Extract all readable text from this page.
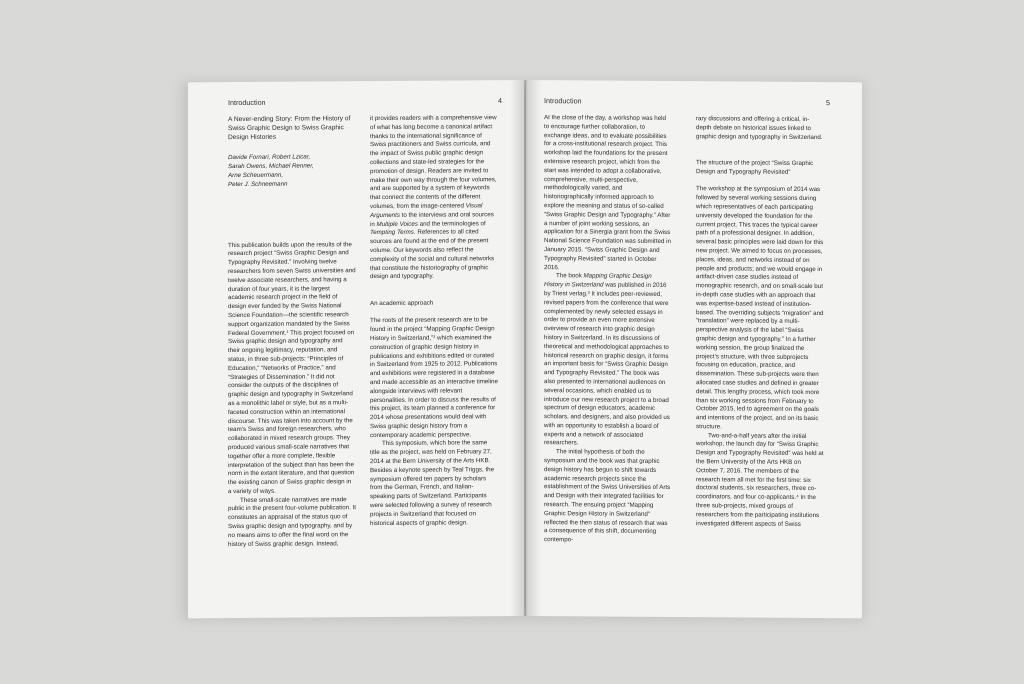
Introduction	4

A Never-ending Story: From the History of Swiss Graphic Design to Swiss Graphic Design Histories

Davide Fornari, Robert Lzicar,

Sarah Owens, Michael Renner,

Arne Scheuermann,

Peter J. Schneemann

This publication builds upon the results of the research project “Swiss Graphic Design and Typography Revisited.” Involving twelve researchers from seven Swiss universities and twelve associate researchers, and having a duration of four years, it is the largest academic research project in the field of design ever funded by the Swiss National Science Foundation—the scientific research support organization mandated by the Swiss Federal Government.¹ This project focused on Swiss graphic design and typography and their ongoing legitimacy, reputation, and status, in three sub-projects: “Principles of Education,” “Networks of Practice,” and “Strategies of Dissemination.” It did not consider the outputs of the disciplines of graphic design and typography in Switzerland as a monolithic label or style, but as a multi-faceted construction within an international discourse. This was taken into account by the team’s Swiss and foreign researchers, who collaborated in mixed research groups. They produced various small-scale narratives that together offer a more complete, flexible interpretation of the subject than has been the norm in the extant literature, and that question the existing canon of Swiss graphic design in a variety of ways.

These small-scale narratives are made public in the present four-volume publication. It constitutes an appraisal of the status quo of Swiss graphic design and typography, and by no means aims to offer the final word on the history of Swiss graphic design. Instead,

it provides readers with a comprehensive view of what has long become a canonical artifact thanks to the international significance of Swiss practitioners and Swiss curricula, and the impact of Swiss public graphic design collections and state-led strategies for the promotion of design. Readers are invited to make their own way through the four volumes, and are supported by a system of keywords that connect the contents of the different volumes, from the image-centered Visual Arguments to the interviews and oral sources in Multiple Voices and the terminologies of Tempting Terms. References to all cited sources are found at the end of the present volume. Our keywords also reflect the complexity of the social and cultural networks that constitute the historiography of graphic design and typography.

An academic approach

The roots of the present research are to be found in the project “Mapping Graphic Design History in Switzerland,”² which examined the construction of graphic design history in publications and exhibitions edited or curated in Switzerland from 1925 to 2012. Publications and exhibitions were registered in a database and made accessible as an interactive timeline alongside interviews with relevant personalities. In order to discuss the results of this project, its team planned a conference for 2014 whose presentations would deal with Swiss graphic design history from a contemporary academic perspective.

This symposium, which bore the same title as the project, was held on February 27, 2014 at the Bern University of the Arts HKB. Besides a keynote speech by Teal Triggs, the symposium offered ten papers by scholars from the German, French, and Italian-speaking parts of Switzerland. Participants were selected following a survey of research projects in Switzerland that focused on historical aspects of graphic design.

Introduction	5

At the close of the day, a workshop was held to encourage further collaboration, to exchange ideas, and to evaluate possibilities for a cross-institutional research project. This workshop laid the foundations for the present extensive research project, which from the start was intended to adopt a collaborative, comprehensive, multi-perspective, methodologically varied, and historiographically informed approach to explore the meaning and status of so-called “Swiss Graphic Design and Typography.” After a number of joint working sessions, an application for a Sinergia grant from the Swiss National Science Foundation was submitted in January 2015. “Swiss Graphic Design and Typography Revisited” started in October 2016.

The book Mapping Graphic Design History in Switzerland was published in 2016 by Triest verlag.³ It includes peer-reviewed, revised papers from the conference that were complemented by newly selected essays in order to provide an even more extensive overview of research into graphic design history in Switzerland. In its discussions of theoretical and methodological approaches to historical research on graphic design, it forms an important basis for “Swiss Graphic Design and Typography Revisited.” The book was also presented to international audiences on several occasions, which enabled us to introduce our new research project to a broad spectrum of design educators, academic scholars, and designers, and also provided us with an opportunity to establish a board of experts and a network of associated researchers.

The initial hypothesis of both the symposium and the book was that graphic design history has begun to shift towards academic research projects since the establishment of the Swiss Universities of Arts and Design with their integrated facilities for research. The ensuing project “Mapping Graphic Design History in Switzerland” reflected the then status of research that was a consequence of this shift, documenting contempo-

rary discussions and offering a critical, in-depth debate on historical issues linked to graphic design and typography in Switzerland.

The structure of the project “Swiss Graphic Design and Typography Revisited”

The workshop at the symposium of 2014 was followed by several working sessions during which representatives of each participating university developed the foundation for the current project. This traces the typical career path of a professional designer. In addition, several basic principles were laid down for this new project. We aimed to focus on processes, places, ideas, and networks instead of on people and products; and we would engage in artifact-driven case studies instead of monographic research, and on small-scale but in-depth case studies with an approach that was expertise-based instead of institution-based. The overriding subjects “migration” and “translation” were replaced by a multi-perspective analysis of the label “Swiss graphic design and typography.” In a further working session, the group finalized the project’s structure, with three subprojects focusing on education, practice, and dissemination. These sub-projects were then allocated case studies and defined in greater detail. This lengthy process, which took more than six working sessions from February to October 2015, led to agreement on the goals and intentions of the project, and on its basic structure.

Two-and-a-half years after the initial workshop, the launch day for “Swiss Graphic Design and Typography Revisited” was held at the Bern University of the Arts HKB on October 7, 2016. The members of the research team all met for the first time: six doctoral students, six researchers, three co-coordinators, and four co-applicants.⁴ In the three sub-projects, mixed groups of researchers from the participating institutions investigated different aspects of Swiss
